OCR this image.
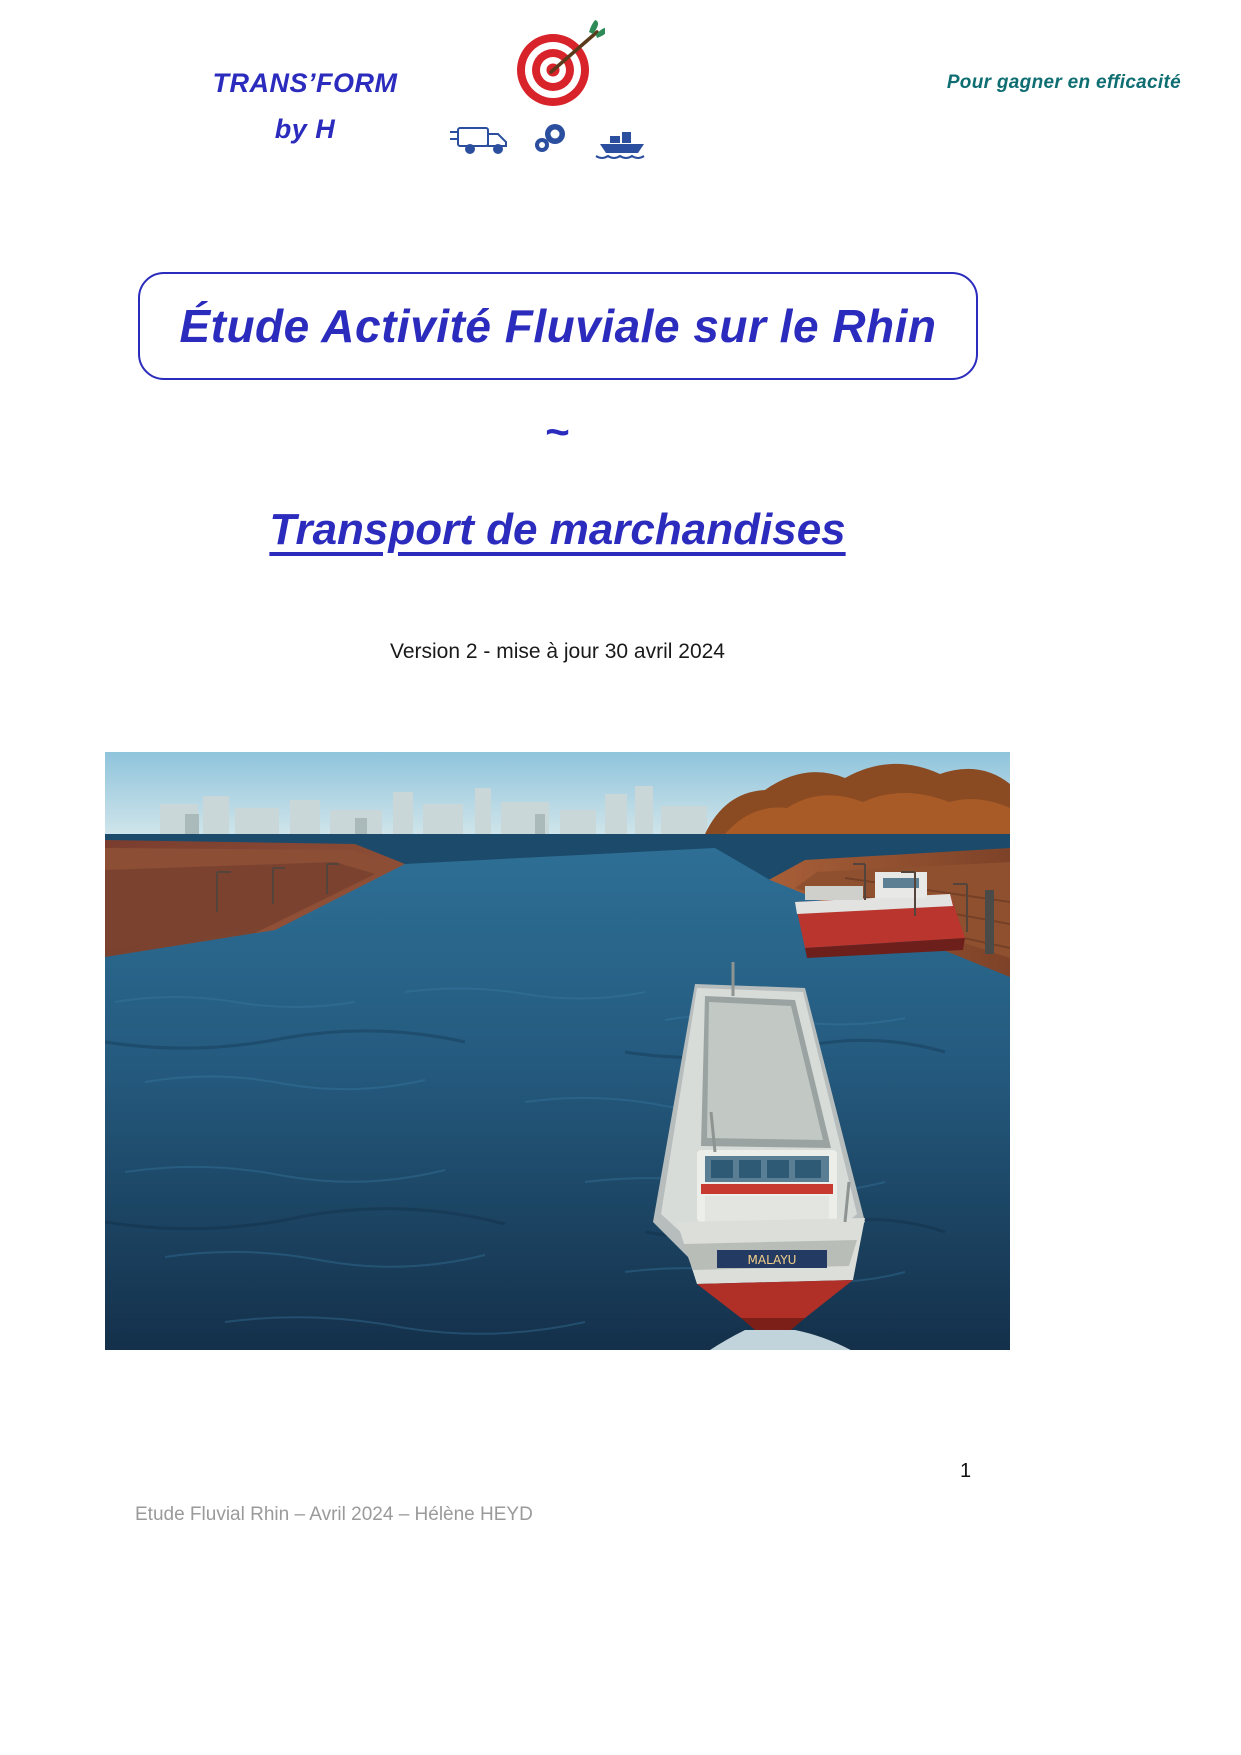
TRANS’FORM
by H
Pour gagner en efficacité
Étude Activité Fluviale sur le Rhin
~
Transport de marchandises
Version 2 - mise à jour 30 avril 2024
MALAYU
1
Etude Fluvial Rhin – Avril 2024 – Hélène HEYD
